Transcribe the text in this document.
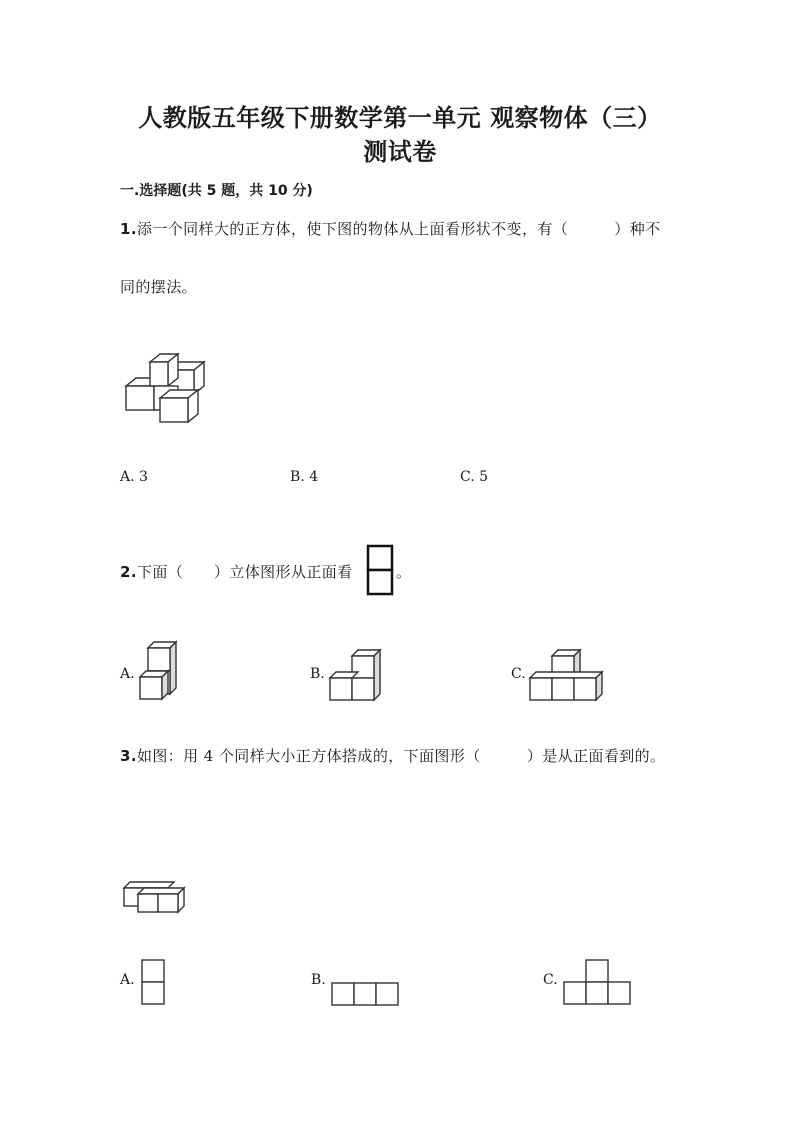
人教版五年级下册数学第一单元 观察物体（三）
测试卷
一.选择题(共 5 题，共 10 分)
1.添一个同样大的正方体，使下图的物体从上面看形状不变，有（　　　）种不
同的摆法。
A. 3	B. 4	C. 5
2.下面（　　）立体图形从正面看	。
A.	B.	C.
3.如图：用 4 个同样大小正方体搭成的，下面图形（　　　）是从正面看到的。
A.	B.	C.
